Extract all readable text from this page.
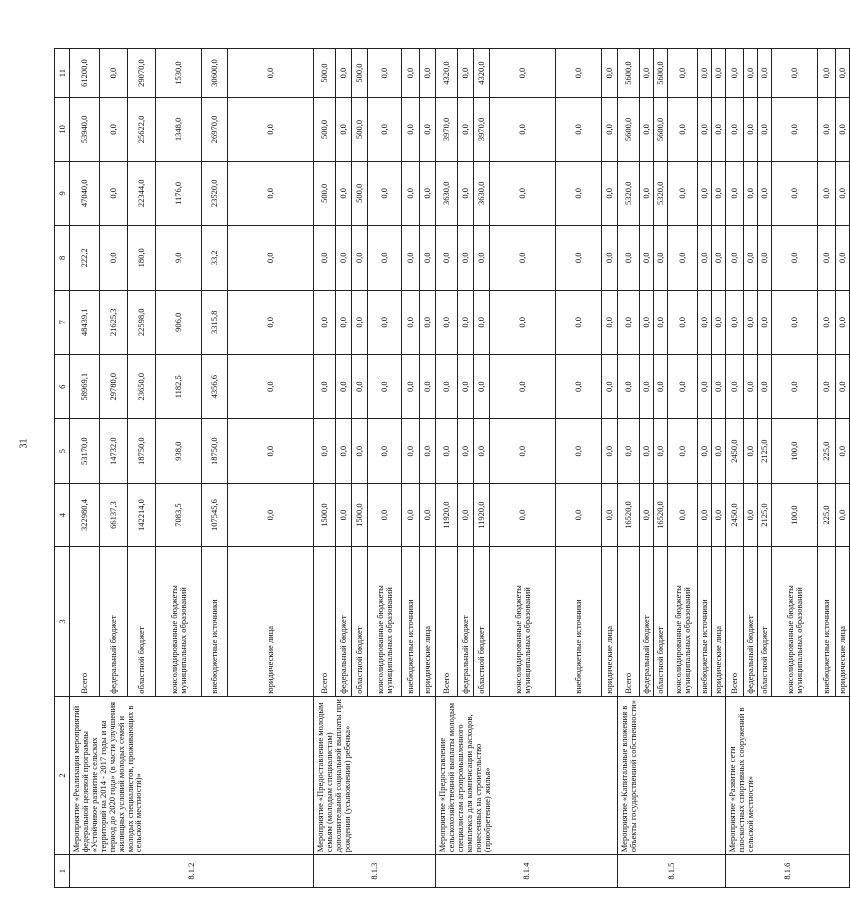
31
1	2	3	4	5	6	7	8	9	10	11
8.1.2	Мероприятие «Реализация мероприятий федеральной целевой программы «Устойчивое развитие сельских территорий на 2014 - 2017 годы и на период до 2020 года» (в части улучшения жилищных условий молодых семей и молодых специалистов, проживающих в сельской местности)»	Всего	322980,4	53170,0	58969,1	48439,1	222,2	47040,0	53940,0	61200,0
		федеральный бюджет	66137,3	14732,0	29780,0	21625,3	0,0	0,0	0,0	0,0
		областной бюджет	142214,0	18750,0	23650,0	22598,0	180,0	22344,0	25622,0	29070,0
		консолидированные бюджеты муниципальных образований	7083,5	938,0	1182,5	906,0	9,0	1176,0	1348,0	1530,0
		внебюджетные источники	107545,6	18750,0	4356,6	3315,8	33,2	23520,0	26970,0	30600,0
		юридические лица	0,0	0,0	0,0	0,0	0,0	0,0	0,0	0,0
8.1.3	Мероприятие «Предоставление молодым семьям (молодым специалистам) дополнительной социальной выплаты при рождении (усыновлении) ребенка»	Всего	1500,0	0,0	0,0	0,0	0,0	500,0	500,0	500,0
		федеральный бюджет	0,0	0,0	0,0	0,0	0,0	0,0	0,0	0,0
		областной бюджет	1500,0	0,0	0,0	0,0	0,0	500,0	500,0	500,0
		консолидированные бюджеты муниципальных образований	0,0	0,0	0,0	0,0	0,0	0,0	0,0	0,0
		внебюджетные источники	0,0	0,0	0,0	0,0	0,0	0,0	0,0	0,0
		юридические лица	0,0	0,0	0,0	0,0	0,0	0,0	0,0	0,0
8.1.4	Мероприятие «Предоставление сельскохозяйственной выплаты молодым специалистам агропромышленного комплекса для компенсации расходов, понесенных на строительство (приобретение) жилья»	Всего	11920,0	0,0	0,0	0,0	0,0	3630,0	3970,0	4320,0
		федеральный бюджет	0,0	0,0	0,0	0,0	0,0	0,0	0,0	0,0
		областной бюджет	11920,0	0,0	0,0	0,0	0,0	3630,0	3970,0	4320,0
		консолидированные бюджеты муниципальных образований	0,0	0,0	0,0	0,0	0,0	0,0	0,0	0,0
		внебюджетные источники	0,0	0,0	0,0	0,0	0,0	0,0	0,0	0,0
		юридические лица	0,0	0,0	0,0	0,0	0,0	0,0	0,0	0,0
8.1.5	Мероприятие «Капитальные вложения в объекты государственной собственности»	Всего	16520,0	0,0	0,0	0,0	0,0	5320,0	5600,0	5600,0
		федеральный бюджет	0,0	0,0	0,0	0,0	0,0	0,0	0,0	0,0
		областной бюджет	16520,0	0,0	0,0	0,0	0,0	5320,0	5600,0	5600,0
		консолидированные бюджеты муниципальных образований	0,0	0,0	0,0	0,0	0,0	0,0	0,0	0,0
		внебюджетные источники	0,0	0,0	0,0	0,0	0,0	0,0	0,0	0,0
		юридические лица	0,0	0,0	0,0	0,0	0,0	0,0	0,0	0,0
8.1.6	Мероприятие «Развитие сети плоскостных спортивных сооружений в сельской местности»	Всего	2450,0	2450,0	0,0	0,0	0,0	0,0	0,0	0,0
		федеральный бюджет	0,0	0,0	0,0	0,0	0,0	0,0	0,0	0,0
		областной бюджет	2125,0	2125,0	0,0	0,0	0,0	0,0	0,0	0,0
		консолидированные бюджеты муниципальных образований	100,0	100,0	0,0	0,0	0,0	0,0	0,0	0,0
		внебюджетные источники	225,0	225,0	0,0	0,0	0,0	0,0	0,0	0,0
		юридические лица	0,0	0,0	0,0	0,0	0,0	0,0	0,0	0,0
